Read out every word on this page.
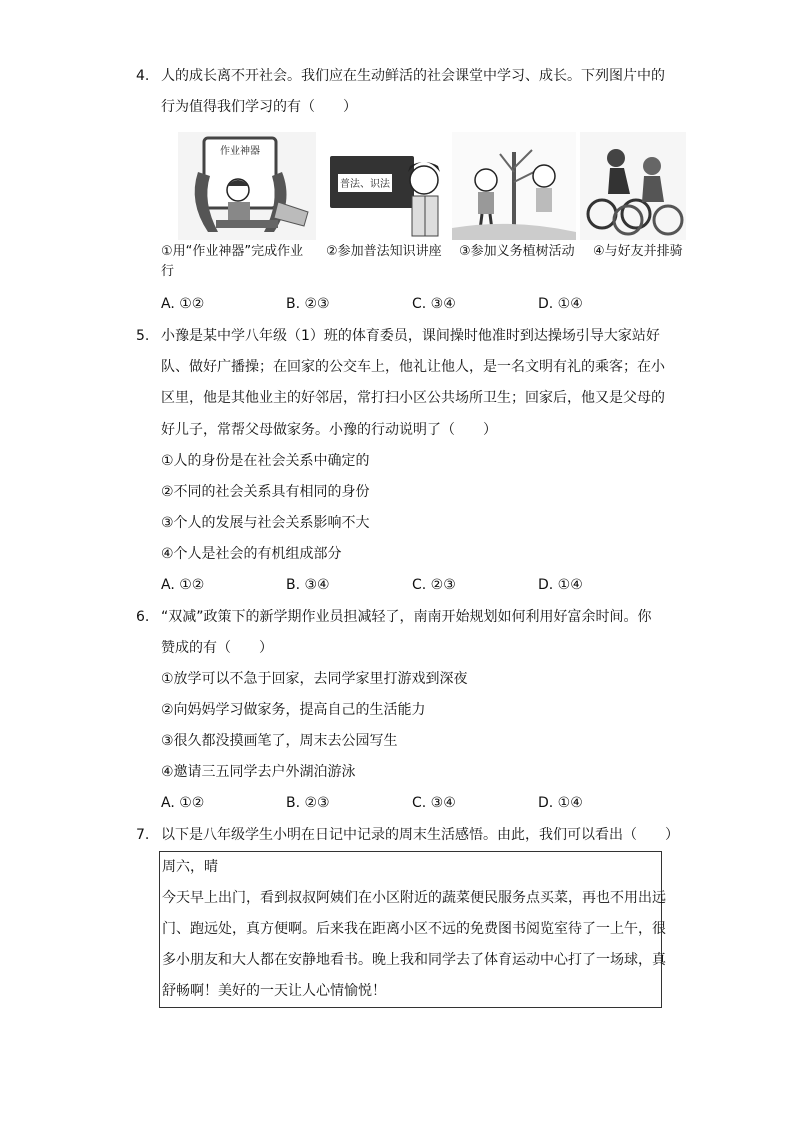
4. 人的成长离不开社会。我们应在生动鲜活的社会课堂中学习、成长。下列图片中的
行为值得我们学习的有（　　）
作业神器
普法、识法
①用“作业神器”完成作业 ②参加普法知识讲座 ③参加义务植树活动 ④与好友并排骑
行
A. ①②	B. ②③	C. ③④	D. ①④
5. 小豫是某中学八年级（1）班的体育委员，课间操时他准时到达操场引导大家站好
队、做好广播操；在回家的公交车上，他礼让他人，是一名文明有礼的乘客；在小
区里，他是其他业主的好邻居，常打扫小区公共场所卫生；回家后，他又是父母的
好儿子，常帮父母做家务。小豫的行动说明了（　　）
①人的身份是在社会关系中确定的
②不同的社会关系具有相同的身份
③个人的发展与社会关系影响不大
④个人是社会的有机组成部分
A. ①②	B. ③④	C. ②③	D. ①④
6. “双减”政策下的新学期作业员担减轻了，南南开始规划如何利用好富余时间。你
赞成的有（　　）
①放学可以不急于回家，去同学家里打游戏到深夜
②向妈妈学习做家务，提高自己的生活能力
③很久都没摸画笔了，周末去公园写生
④邀请三五同学去户外湖泊游泳
A. ①②	B. ②③	C. ③④	D. ①④
7. 以下是八年级学生小明在日记中记录的周末生活感悟。由此，我们可以看出（　　）
周六，晴
今天早上出门，看到叔叔阿姨们在小区附近的蔬菜便民服务点买菜，再也不用出远
门、跑远处，真方便啊。后来我在距离小区不远的免费图书阅览室待了一上午，很
多小朋友和大人都在安静地看书。晚上我和同学去了体育运动中心打了一场球，真
舒畅啊！美好的一天让人心情愉悦！
